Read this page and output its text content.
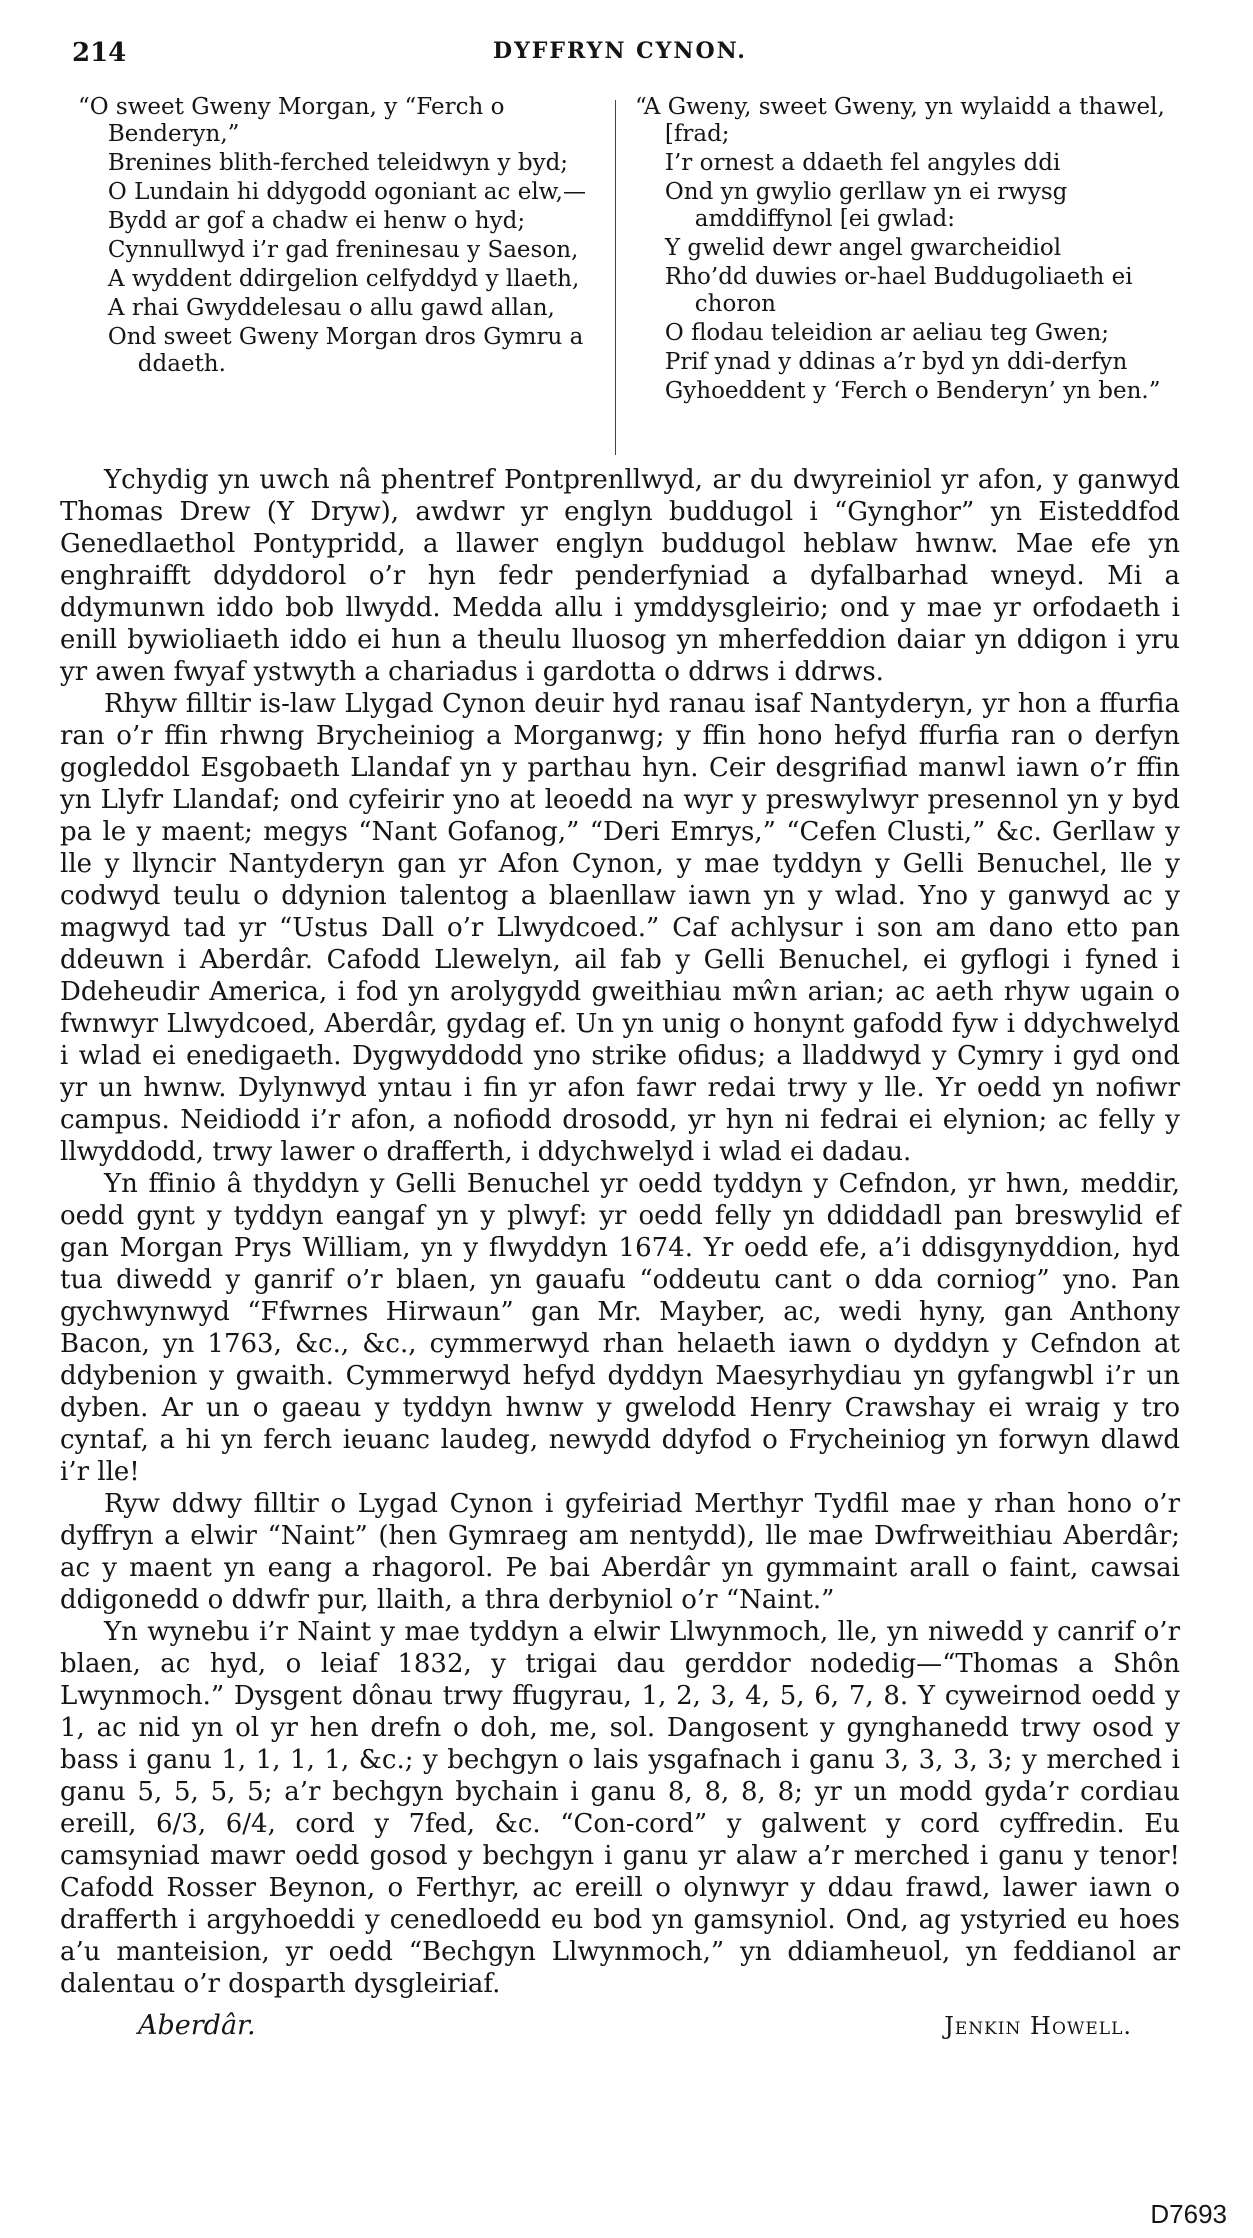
214	DYFFRYN CYNON.

“O sweet Gweny Morgan, y “Ferch o Benderyn,”

Brenines blith-ferched teleidwyn y byd;

O Lundain hi ddygodd ogoniant ac elw,—

Bydd ar gof a chadw ei henw o hyd;

Cynnullwyd i’r gad freninesau y Saeson,

A wyddent ddirgelion celfyddyd y llaeth,

A rhai Gwyddelesau o allu gawd allan,

Ond sweet Gweny Morgan dros Gymru a ddaeth.

“A Gweny, sweet Gweny, yn wylaidd a thawel, [frad;

I’r ornest a ddaeth fel angyles ddi

Ond yn gwylio gerllaw yn ei rwysg amddiffynol [ei gwlad:

Y gwelid dewr angel gwarcheidiol

Rho’dd duwies or-hael Buddugoliaeth ei choron

O flodau teleidion ar aeliau teg Gwen;

Prif ynad y ddinas a’r byd yn ddi-derfyn

Gyhoeddent y ‘Ferch o Benderyn’ yn ben.”

Ychydig yn uwch nâ phentref Pontprenllwyd, ar du dwyreiniol yr afon, y ganwyd Thomas Drew (Y Dryw), awdwr yr englyn buddugol i “Gynghor” yn Eisteddfod Genedlaethol Pontypridd, a llawer englyn buddugol heblaw hwnw. Mae efe yn enghraifft ddyddorol o’r hyn fedr penderfyniad a dyfalbarhad wneyd. Mi a ddymunwn iddo bob llwydd. Medda allu i ymddysgleirio; ond y mae yr orfodaeth i enill bywioliaeth iddo ei hun a theulu lluosog yn mherfeddion daiar yn ddigon i yru yr awen fwyaf ystwyth a chariadus i gardotta o ddrws i ddrws.

Rhyw filltir is-law Llygad Cynon deuir hyd ranau isaf Nantyderyn, yr hon a ffurfia ran o’r ffin rhwng Brycheiniog a Morganwg; y ffin hono hefyd ffurfia ran o derfyn gogleddol Esgobaeth Llandaf yn y parthau hyn. Ceir desgrifiad manwl iawn o’r ffin yn Llyfr Llandaf; ond cyfeirir yno at leoedd na wyr y preswylwyr presennol yn y byd pa le y maent; megys “Nant Gofanog,” “Deri Emrys,” “Cefen Clusti,” &c. Gerllaw y lle y llyncir Nantyderyn gan yr Afon Cynon, y mae tyddyn y Gelli Benuchel, lle y codwyd teulu o ddynion talentog a blaenllaw iawn yn y wlad. Yno y ganwyd ac y magwyd tad yr “Ustus Dall o’r Llwydcoed.” Caf achlysur i son am dano etto pan ddeuwn i Aberdâr. Cafodd Llewelyn, ail fab y Gelli Benuchel, ei gyflogi i fyned i Ddeheudir America, i fod yn arolygydd gweithiau mŵn arian; ac aeth rhyw ugain o fwnwyr Llwydcoed, Aberdâr, gydag ef. Un yn unig o honynt gafodd fyw i ddychwelyd i wlad ei enedigaeth. Dygwyddodd yno strike ofidus; a lladdwyd y Cymry i gyd ond yr un hwnw. Dylynwyd yntau i fin yr afon fawr redai trwy y lle. Yr oedd yn nofiwr campus. Neidiodd i’r afon, a nofiodd drosodd, yr hyn ni fedrai ei elynion; ac felly y llwyddodd, trwy lawer o drafferth, i ddychwelyd i wlad ei dadau.

Yn ffinio â thyddyn y Gelli Benuchel yr oedd tyddyn y Cefndon, yr hwn, meddir, oedd gynt y tyddyn eangaf yn y plwyf: yr oedd felly yn ddiddadl pan breswylid ef gan Morgan Prys William, yn y flwyddyn 1674. Yr oedd efe, a’i ddisgynyddion, hyd tua diwedd y ganrif o’r blaen, yn gauafu “oddeutu cant o dda corniog” yno. Pan gychwynwyd “Ffwrnes Hirwaun” gan Mr. Mayber, ac, wedi hyny, gan Anthony Bacon, yn 1763, &c., &c., cymmerwyd rhan helaeth iawn o dyddyn y Cefndon at ddybenion y gwaith. Cymmerwyd hefyd dyddyn Maesyrhydiau yn gyfangwbl i’r un dyben. Ar un o gaeau y tyddyn hwnw y gwelodd Henry Crawshay ei wraig y tro cyntaf, a hi yn ferch ieuanc laudeg, newydd ddyfod o Frycheiniog yn forwyn dlawd i’r lle!

Ryw ddwy filltir o Lygad Cynon i gyfeiriad Merthyr Tydfil mae y rhan hono o’r dyffryn a elwir “Naint” (hen Gymraeg am nentydd), lle mae Dwfrweithiau Aberdâr; ac y maent yn eang a rhagorol. Pe bai Aberdâr yn gymmaint arall o faint, cawsai ddigonedd o ddwfr pur, llaith, a thra derbyniol o’r “Naint.”

Yn wynebu i’r Naint y mae tyddyn a elwir Llwynmoch, lle, yn niwedd y canrif o’r blaen, ac hyd, o leiaf 1832, y trigai dau gerddor nodedig—“Thomas a Shôn Lwynmoch.” Dysgent dônau trwy ffugyrau, 1, 2, 3, 4, 5, 6, 7, 8. Y cyweirnod oedd y 1, ac nid yn ol yr hen drefn o doh, me, sol. Dangosent y gynghanedd trwy osod y bass i ganu 1, 1, 1, 1, &c.; y bechgyn o lais ysgafnach i ganu 3, 3, 3, 3; y merched i ganu 5, 5, 5, 5; a’r bechgyn bychain i ganu 8, 8, 8, 8; yr un modd gyda’r cordiau ereill, 6/3, 6/4, cord y 7fed, &c. “Con-cord” y galwent y cord cyffredin. Eu camsyniad mawr oedd gosod y bechgyn i ganu yr alaw a’r merched i ganu y tenor! Cafodd Rosser Beynon, o Ferthyr, ac ereill o olynwyr y ddau frawd, lawer iawn o drafferth i argyhoeddi y cenedloedd eu bod yn gamsyniol. Ond, ag ystyried eu hoes a’u manteision, yr oedd “Bechgyn Llwynmoch,” yn ddiamheuol, yn feddianol ar dalentau o’r dosparth dysgleiriaf.

Aberdâr.	Jenkin Howell.
D7693
